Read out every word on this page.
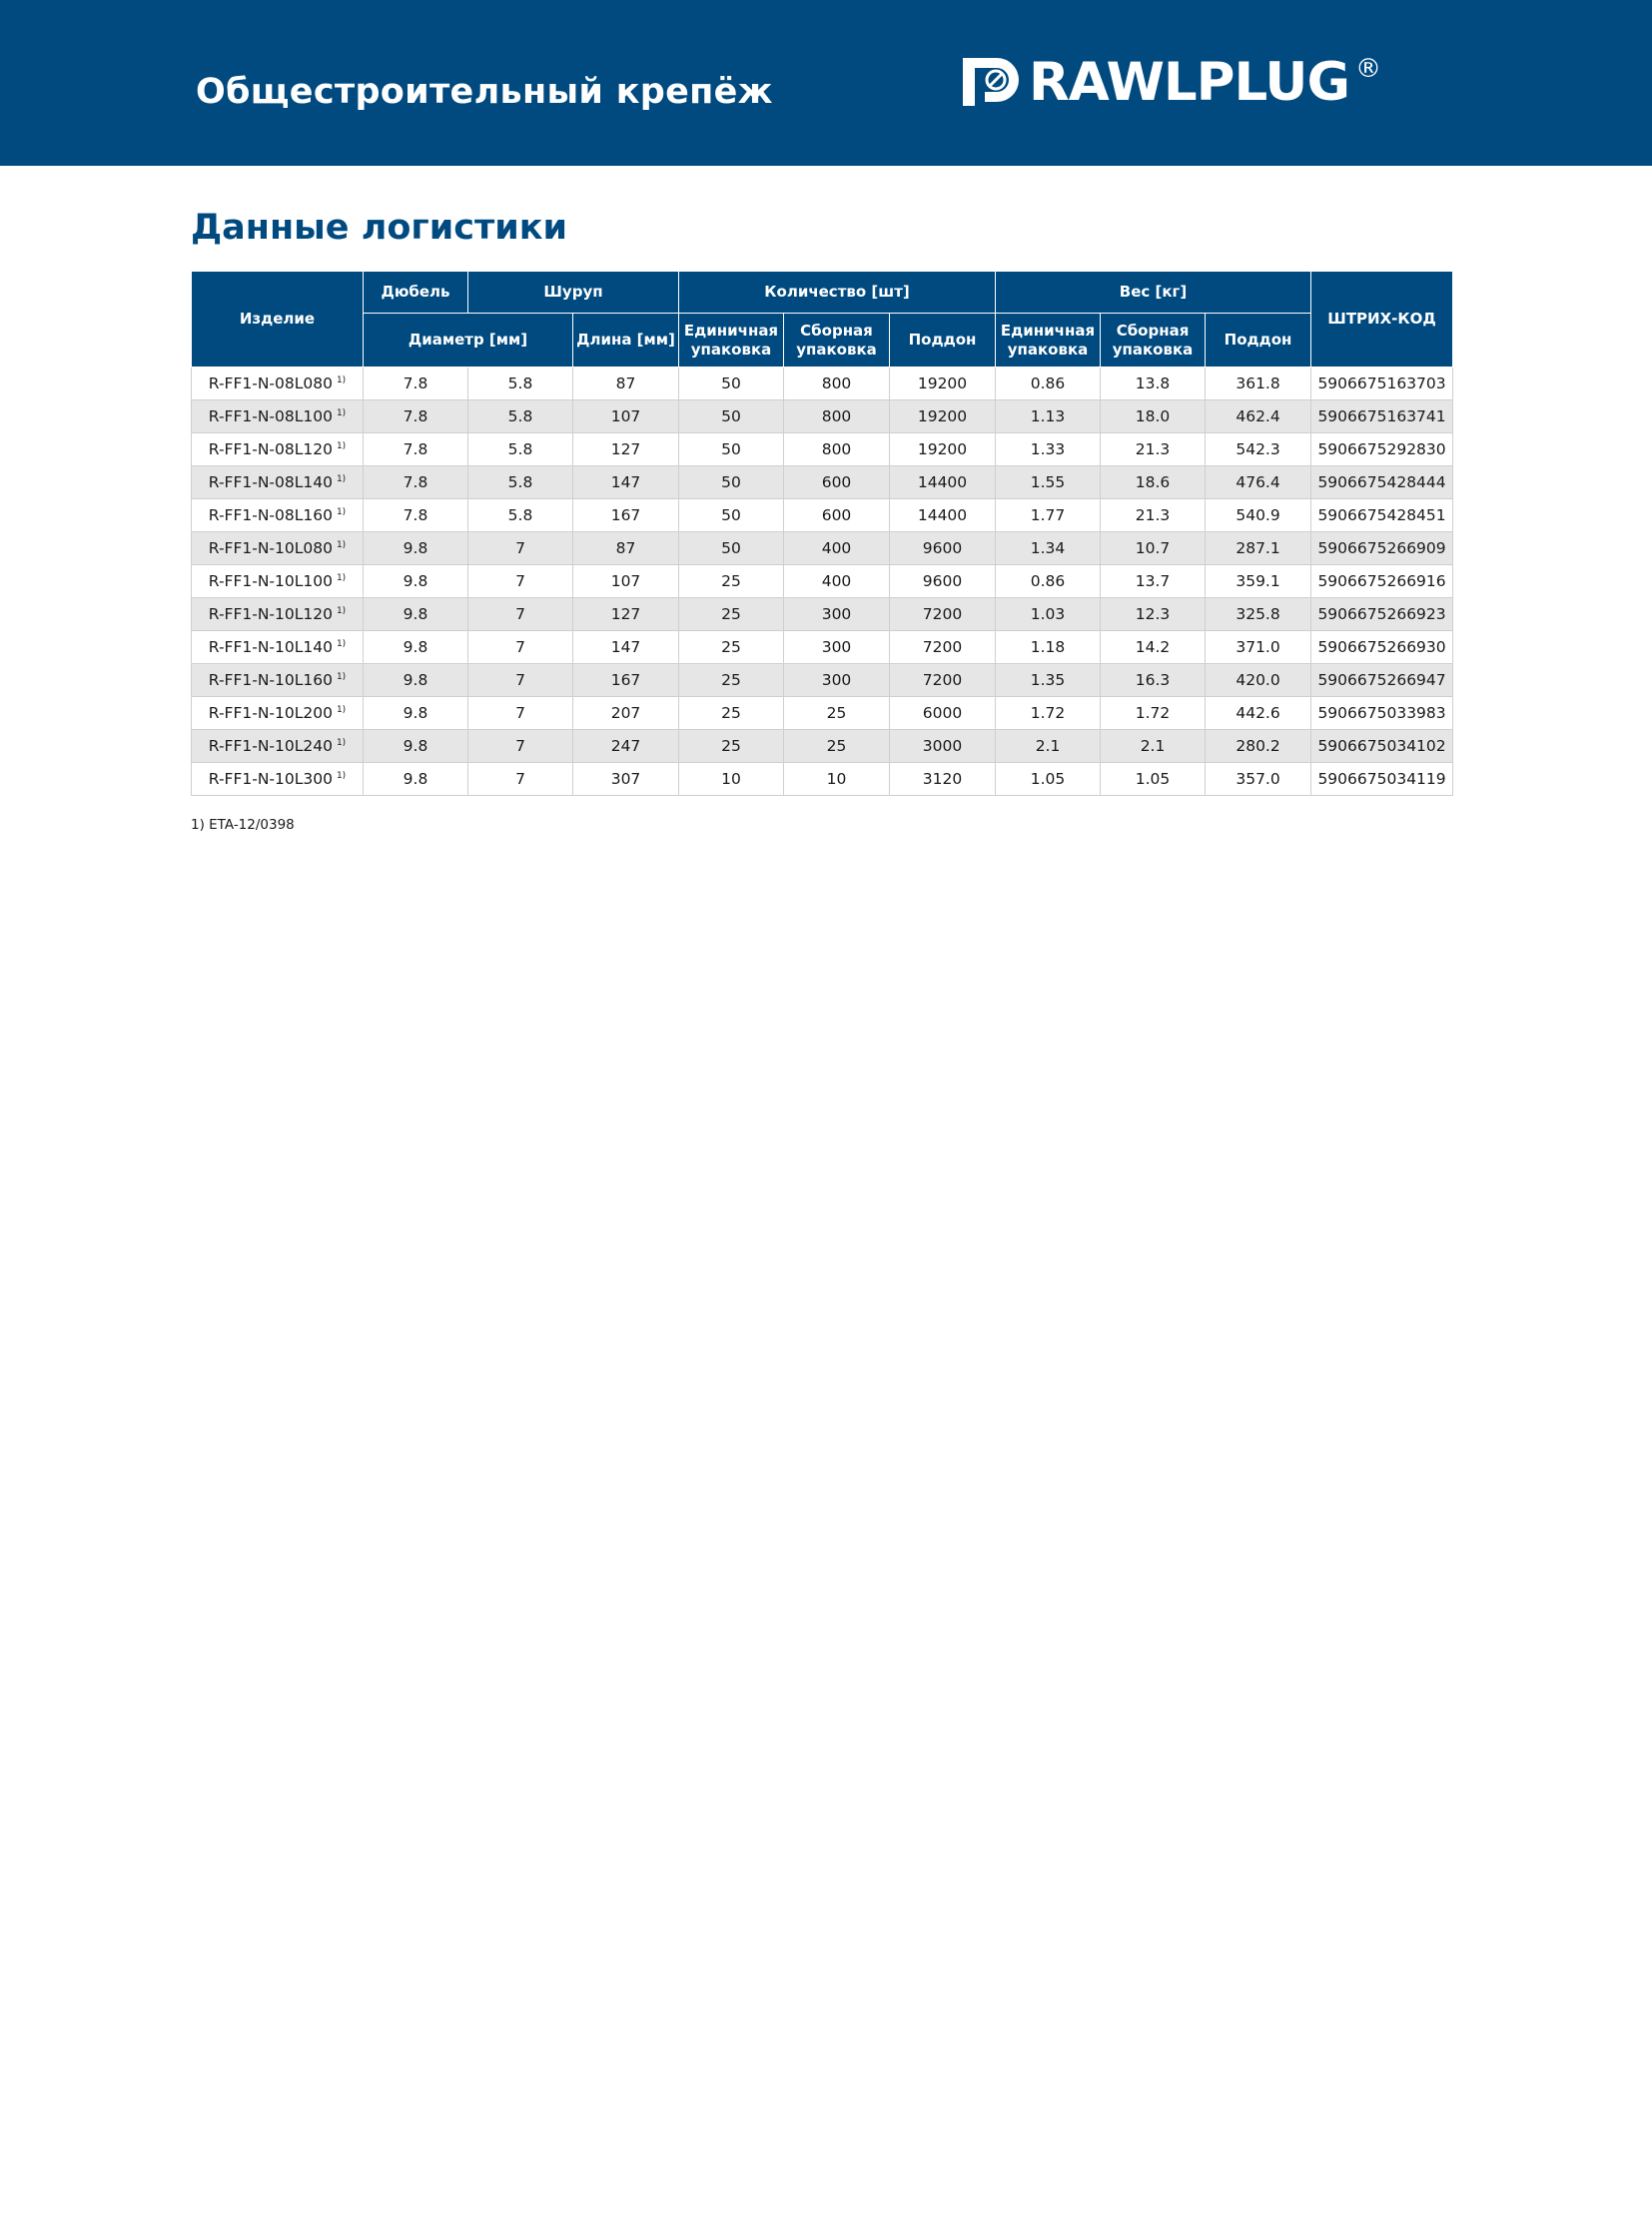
Общестроительный крепёж	RAWLPLUG ®
Данные логистики
Изделие	Дюбель	Шуруп		Количество [шт]			Вес [кг]			ШТРИХ-КОД
	Диаметр [мм]		Длина [мм]	Единичная упаковка	Сборная упаковка	Поддон	Единичная упаковка	Сборная упаковка	Поддон	
R-FF1-N-08L080 $^{1)}$	7.8	5.8	87	50	800	19200	0.86	13.8	361.8	5906675163703
R-FF1-N-08L100 $^{1)}$	7.8	5.8	107	50	800	19200	1.13	18.0	462.4	5906675163741
R-FF1-N-08L120 $^{1)}$	7.8	5.8	127	50	800	19200	1.33	21.3	542.3	5906675292830
R-FF1-N-08L140 $^{1)}$	7.8	5.8	147	50	600	14400	1.55	18.6	476.4	5906675428444
R-FF1-N-08L160 $^{1)}$	7.8	5.8	167	50	600	14400	1.77	21.3	540.9	5906675428451
R-FF1-N-10L080 $^{1)}$	9.8	7	87	50	400	9600	1.34	10.7	287.1	5906675266909
R-FF1-N-10L100 $^{1)}$	9.8	7	107	25	400	9600	0.86	13.7	359.1	5906675266916
R-FF1-N-10L120 $^{1)}$	9.8	7	127	25	300	7200	1.03	12.3	325.8	5906675266923
R-FF1-N-10L140 $^{1)}$	9.8	7	147	25	300	7200	1.18	14.2	371.0	5906675266930
R-FF1-N-10L160 $^{1)}$	9.8	7	167	25	300	7200	1.35	16.3	420.0	5906675266947
R-FF1-N-10L200 $^{1)}$	9.8	7	207	25	25	6000	1.72	1.72	442.6	5906675033983
R-FF1-N-10L240 $^{1)}$	9.8	7	247	25	25	3000	2.1	2.1	280.2	5906675034102
R-FF1-N-10L300 $^{1)}$	9.8	7	307	10	10	3120	1.05	1.05	357.0	5906675034119
1) ETA-12/0398
